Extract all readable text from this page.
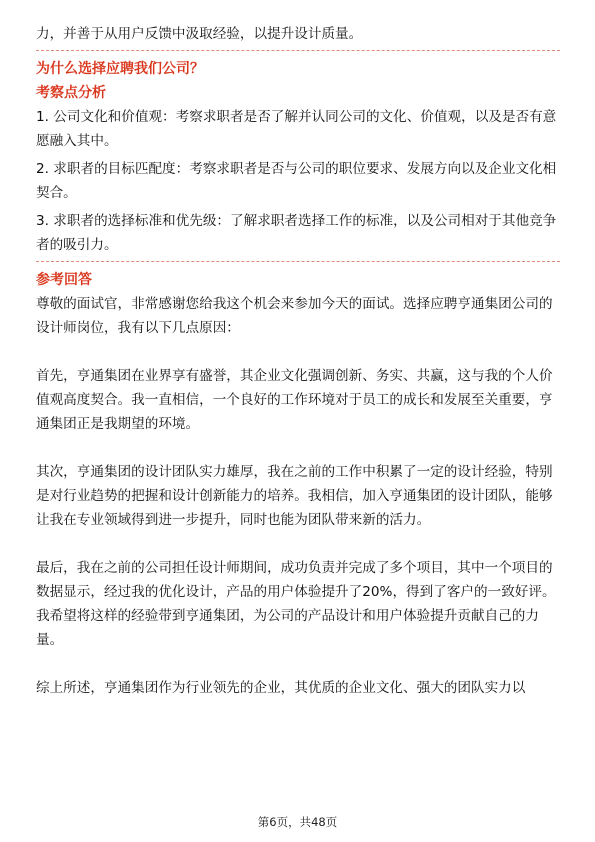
力，并善于从用户反馈中汲取经验，以提升设计质量。

为什么选择应聘我们公司？

考察点分析

1. 公司文化和价值观：考察求职者是否了解并认同公司的文化、价值观，以及是否有意愿融入其中。

2. 求职者的目标匹配度：考察求职者是否与公司的职位要求、发展方向以及企业文化相契合。

3. 求职者的选择标准和优先级：了解求职者选择工作的标准，以及公司相对于其他竞争者的吸引力。

参考回答

尊敬的面试官，非常感谢您给我这个机会来参加今天的面试。选择应聘亨通集团公司的设计师岗位，我有以下几点原因：

首先，亨通集团在业界享有盛誉，其企业文化强调创新、务实、共赢，这与我的个人价值观高度契合。我一直相信，一个良好的工作环境对于员工的成长和发展至关重要，亨通集团正是我期望的环境。

其次，亨通集团的设计团队实力雄厚，我在之前的工作中积累了一定的设计经验，特别是对行业趋势的把握和设计创新能力的培养。我相信，加入亨通集团的设计团队，能够让我在专业领域得到进一步提升，同时也能为团队带来新的活力。

最后，我在之前的公司担任设计师期间，成功负责并完成了多个项目，其中一个项目的数据显示，经过我的优化设计，产品的用户体验提升了20%，得到了客户的一致好评。我希望将这样的经验带到亨通集团，为公司的产品设计和用户体验提升贡献自己的力量。

综上所述，亨通集团作为行业领先的企业，其优质的企业文化、强大的团队实力以

第6页，共48页
